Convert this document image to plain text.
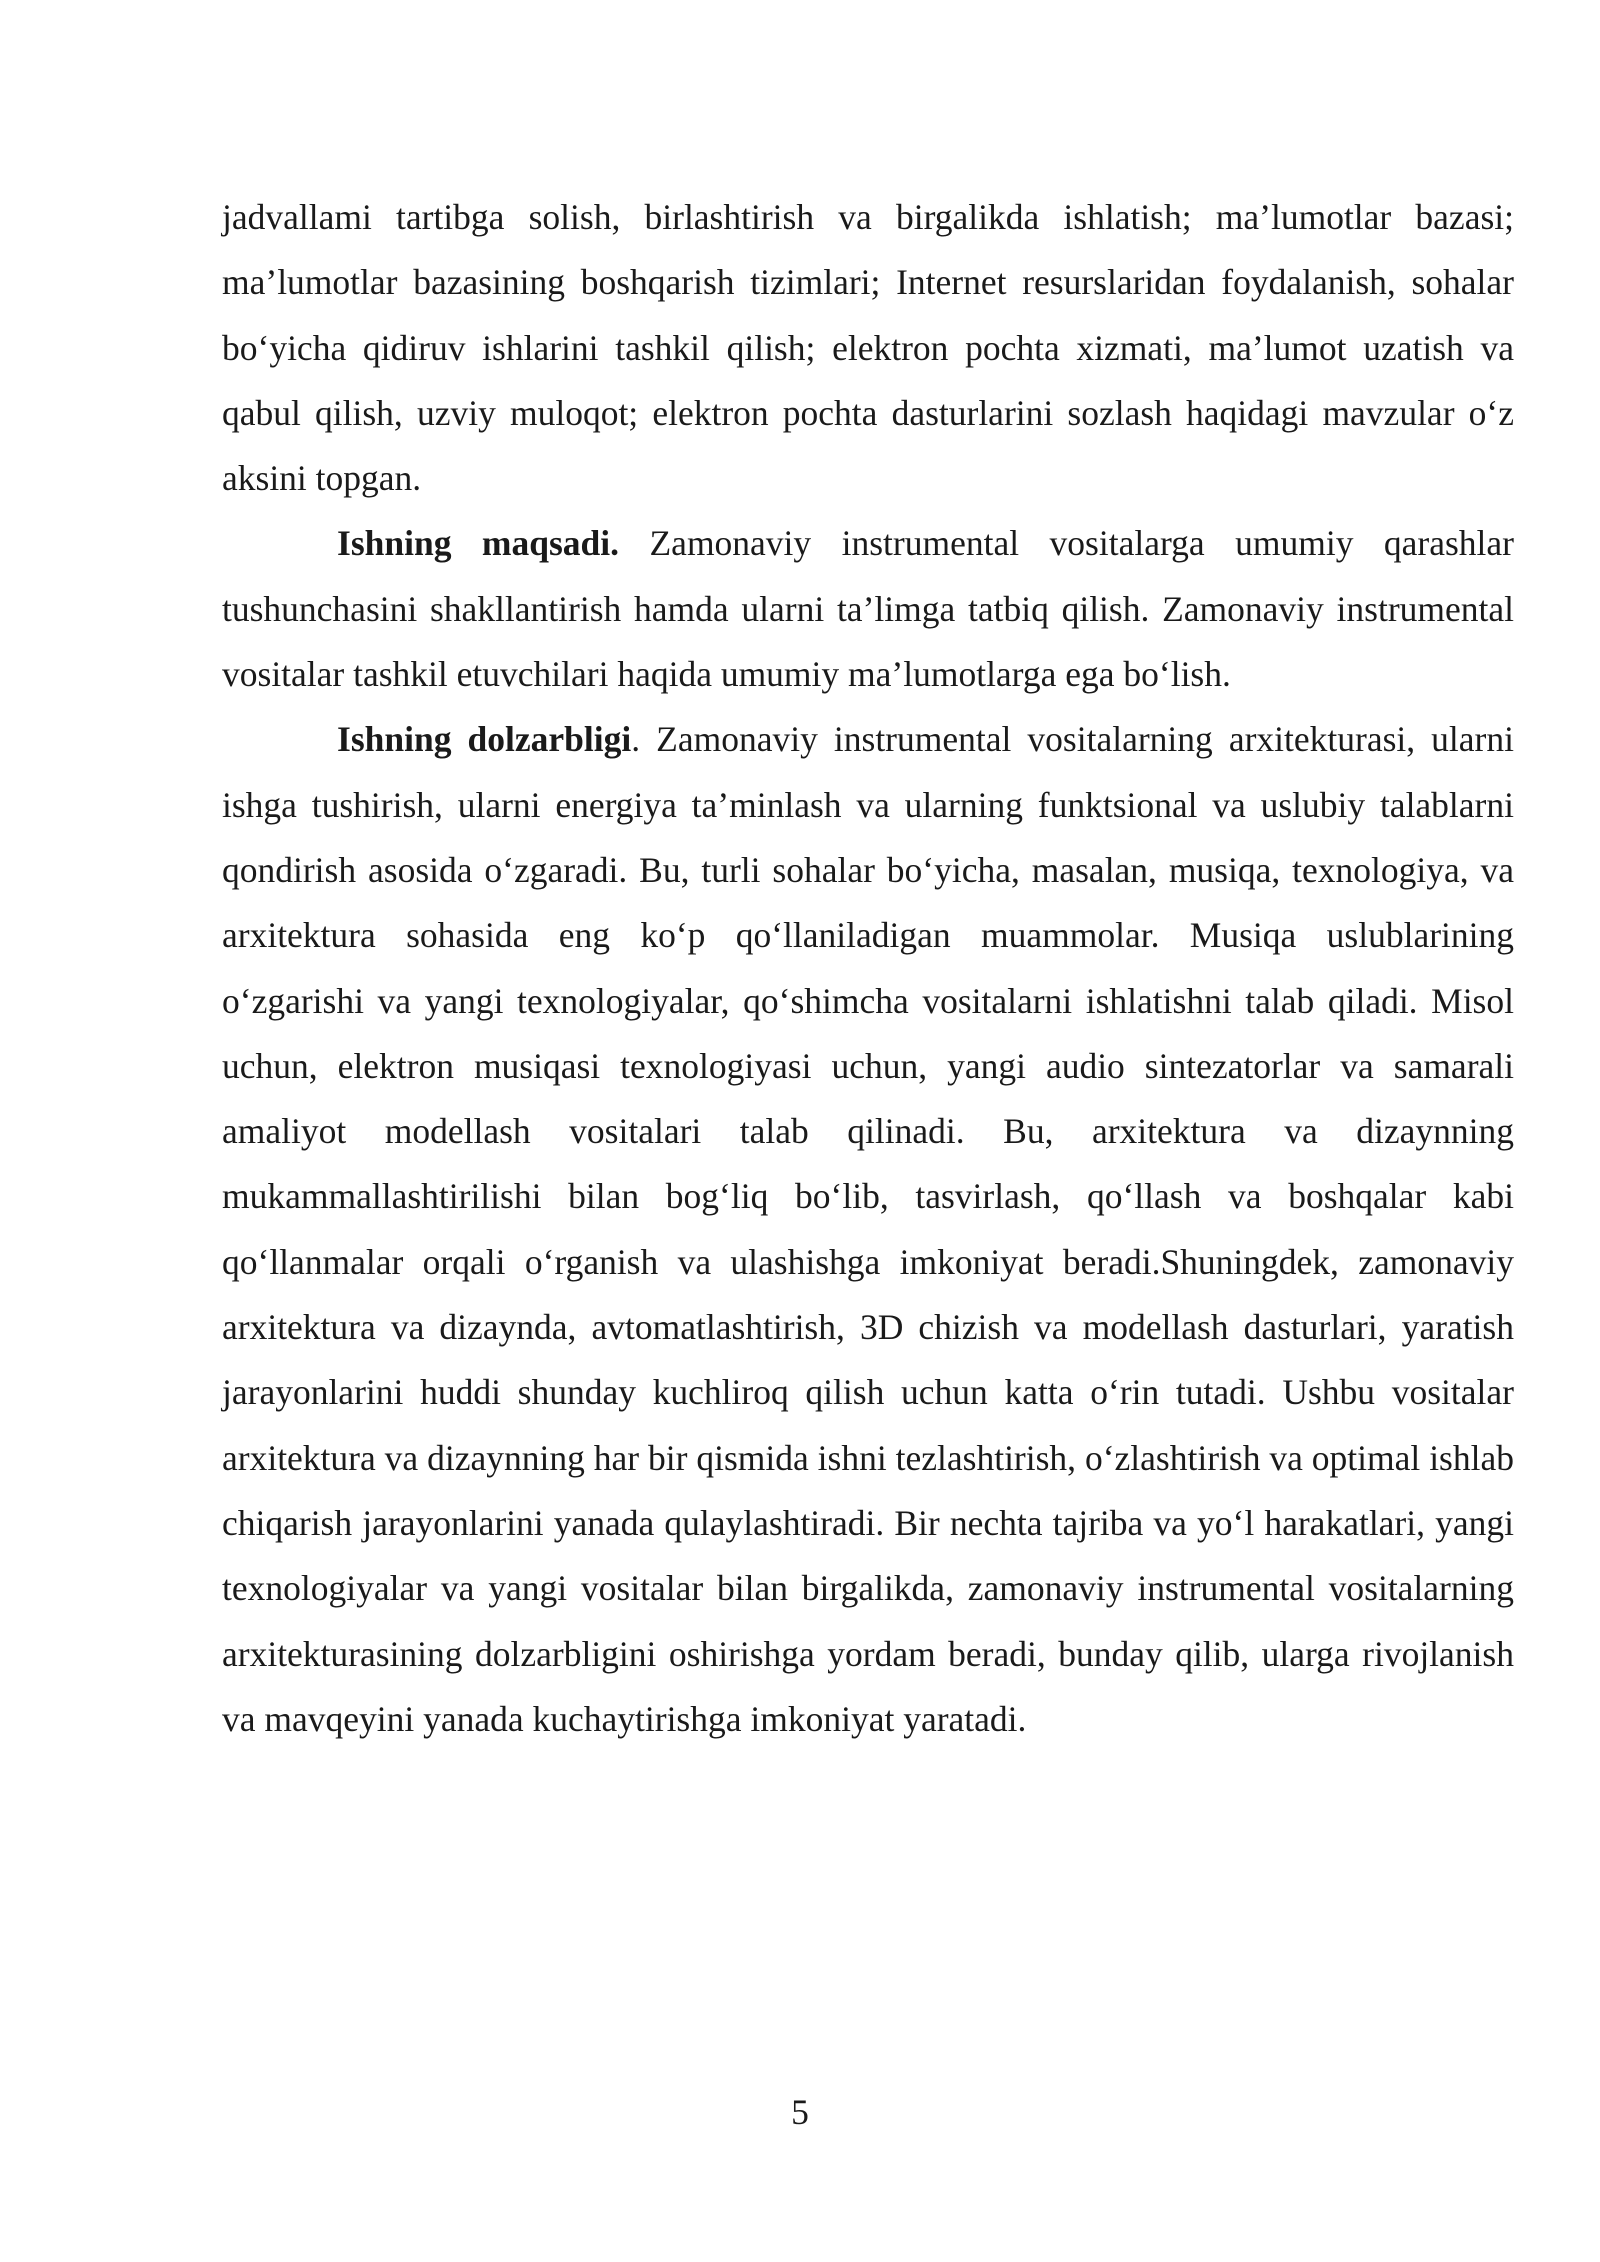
jadvallami tartibga solish, birlashtirish va birgalikda ishlatish; ma’lumotlar bazasi; ma’lumotlar bazasining boshqarish tizimlari; Internet resurslaridan foydalanish, sohalar bo‘yicha qidiruv ishlarini tashkil qilish; elektron pochta xizmati, ma’lumot uzatish va qabul qilish, uzviy muloqot; elektron pochta dasturlarini sozlash haqidagi mavzular o‘z aksini topgan.

Ishning maqsadi. Zamonaviy instrumental vositalarga umumiy qarashlar tushunchasini shakllantirish hamda ularni ta’limga tatbiq qilish. Zamonaviy instrumental vositalar tashkil etuvchilari haqida umumiy ma’lumotlarga ega bo‘lish.

Ishning dolzarbligi. Zamonaviy instrumental vositalarning arxitekturasi, ularni ishga tushirish, ularni energiya ta’minlash va ularning funktsional va uslubiy talablarni qondirish asosida o‘zgaradi. Bu, turli sohalar bo‘yicha, masalan, musiqa, texnologiya, va arxitektura sohasida eng ko‘p qo‘llaniladigan muammolar. Musiqa uslublarining o‘zgarishi va yangi texnologiyalar, qo‘shimcha vositalarni ishlatishni talab qiladi. Misol uchun, elektron musiqasi texnologiyasi uchun, yangi audio sintezatorlar va samarali amaliyot modellash vositalari talab qilinadi. Bu, arxitektura va dizaynning mukammallashtirilishi bilan bog‘liq bo‘lib, tasvirlash, qo‘llash va boshqalar kabi qo‘llanmalar orqali o‘rganish va ulashishga imkoniyat beradi.Shuningdek, zamonaviy arxitektura va dizaynda, avtomatlashtirish, 3D chizish va modellash dasturlari, yaratish jarayonlarini huddi shunday kuchliroq qilish uchun katta o‘rin tutadi. Ushbu vositalar arxitektura va dizaynning har bir qismida ishni tezlashtirish, o‘zlashtirish va optimal ishlab chiqarish jarayonlarini yanada qulaylashtiradi. Bir nechta tajriba va yo‘l harakatlari, yangi texnologiyalar va yangi vositalar bilan birgalikda, zamonaviy instrumental vositalarning arxitekturasining dolzarbligini oshirishga yordam beradi, bunday qilib, ularga rivojlanish va mavqeyini yanada kuchaytirishga imkoniyat yaratadi.

5
